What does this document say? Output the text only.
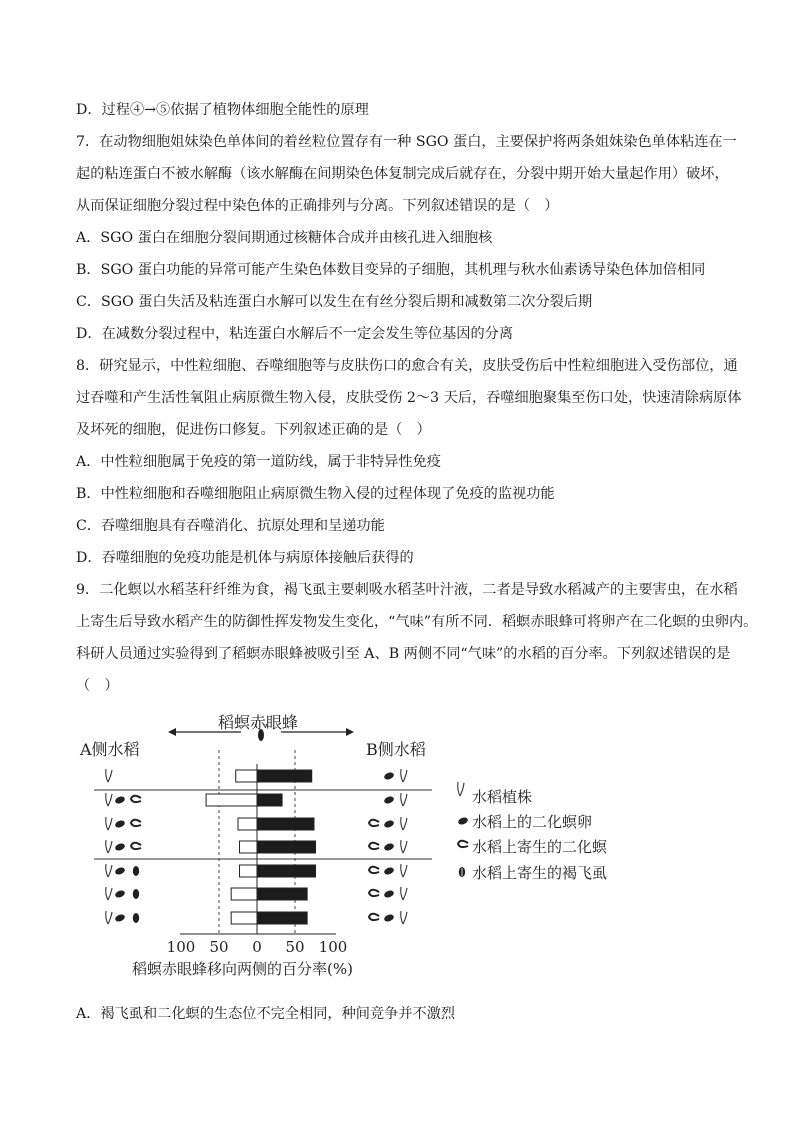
D．过程④→⑤依据了植物体细胞全能性的原理
7．在动物细胞姐妹染色单体间的着丝粒位置存有一种 SGO 蛋白，主要保护将两条姐妹染色单体粘连在一
起的粘连蛋白不被水解酶（该水解酶在间期染色体复制完成后就存在，分裂中期开始大量起作用）破坏，
从而保证细胞分裂过程中染色体的正确排列与分离。下列叙述错误的是（　）
A．SGO 蛋白在细胞分裂间期通过核糖体合成并由核孔进入细胞核
B．SGO 蛋白功能的异常可能产生染色体数目变异的子细胞，其机理与秋水仙素诱导染色体加倍相同
C．SGO 蛋白失活及粘连蛋白水解可以发生在有丝分裂后期和减数第二次分裂后期
D．在减数分裂过程中，粘连蛋白水解后不一定会发生等位基因的分离
8．研究显示，中性粒细胞、吞噬细胞等与皮肤伤口的愈合有关，皮肤受伤后中性粒细胞进入受伤部位，通
过吞噬和产生活性氧阻止病原微生物入侵，皮肤受伤 2～3 天后，吞噬细胞聚集至伤口处，快速清除病原体
及坏死的细胞，促进伤口修复。下列叙述正确的是（　）
A．中性粒细胞属于免疫的第一道防线，属于非特异性免疫
B．中性粒细胞和吞噬细胞阻止病原微生物入侵的过程体现了免疫的监视功能
C．吞噬细胞具有吞噬消化、抗原处理和呈递功能
D．吞噬细胞的免疫功能是机体与病原体接触后获得的
9．二化螟以水稻茎秆纤维为食，褐飞虱主要刺吸水稻茎叶汁液，二者是导致水稻减产的主要害虫，在水稻
上寄生后导致水稻产生的防御性挥发物发生变化，“气味”有所不同．稻螟赤眼蜂可将卵产在二化螟的虫卵内。
科研人员通过实验得到了稻螟赤眼蜂被吸引至 A、B 两侧不同“气味”的水稻的百分率。下列叙述错误的是
（　）
A．褐飞虱和二化螟的生态位不完全相同，种间竞争并不激烈
稻螟赤眼蜂
A侧水稻	B侧水稻
100 50 0 50 100
稻螟赤眼蜂移向两侧的百分率(%)
水稻植株
水稻上的二化螟卵
水稻上寄生的二化螟
水稻上寄生的褐飞虱
